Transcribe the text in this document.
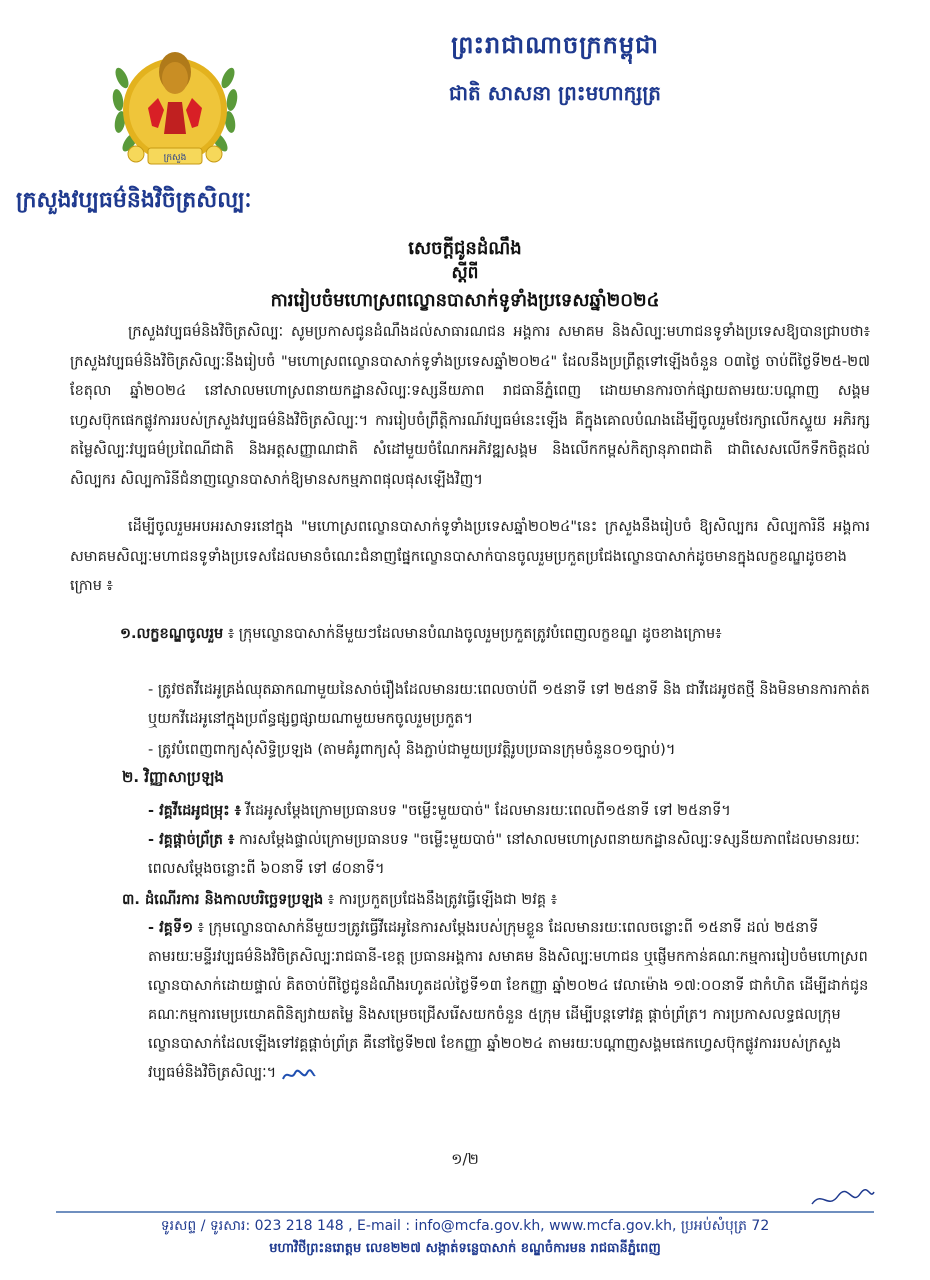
ព្រះរាជាណាចក្រកម្ពុជា
ជាតិ សាសនា ព្រះមហាក្សត្រ
ក្រសួង
ក្រសួងវប្បធម៌និងវិចិត្រសិល្បៈ
សេចក្តីជូនដំណឹង
ស្តីពី
ការរៀបចំមហោស្រពល្ខោនបាសាក់ទូទាំងប្រទេសឆ្នាំ២០២៤
ក្រសួងវប្បធម៌និងវិចិត្រសិល្បៈ សូមប្រកាសជូនដំណឹងដល់សាធារណជន អង្គការ សមាគម និងសិល្បៈមហាជនទូទាំងប្រទេសឱ្យបានជ្រាបថា៖ ក្រសួងវប្បធម៌និងវិចិត្រសិល្បៈនឹងរៀបចំ "មហោស្រពល្ខោនបាសាក់ទូទាំងប្រទេសឆ្នាំ២០២៤" ដែលនឹងប្រព្រឹត្តទៅឡើងចំនួន ០៣ថ្ងៃ ចាប់ពីថ្ងៃទី២៥-២៧ ខែតុលា ឆ្នាំ២០២៤ នៅសាលមហោស្រពនាយកដ្ឋានសិល្បៈទស្សនីយភាព រាជធានីភ្នំពេញ ដោយមានការចាក់ផ្សាយតាមរយៈបណ្តាញ សង្គមហ្វេសប៊ុកផេកផ្លូវការរបស់ក្រសួងវប្បធម៌និងវិចិត្រសិល្បៈ។ ការរៀបចំព្រឹត្តិការណ៍វប្បធម៌នេះឡើង គឺក្នុងគោលបំណងដើម្បីចូលរួមថែរក្សាលើកស្ទួយ អភិរក្សតម្លៃសិល្បៈវប្បធម៌ប្រពៃណីជាតិ និងអត្តសញ្ញាណជាតិ សំដៅមួយចំណែកអភិវឌ្ឍសង្គម និងលើកកម្ពស់កិត្យានុភាពជាតិ ជាពិសេសលើកទឹកចិត្តដល់សិល្បករ សិល្បការិនីជំនាញល្ខោនបាសាក់ឱ្យមានសកម្មភាពផុលផុសឡើងវិញ។
ដើម្បីចូលរួមអបអរសាទរនៅក្នុង "មហោស្រពល្ខោនបាសាក់ទូទាំងប្រទេសឆ្នាំ២០២៤"នេះ ក្រសួងនឹងរៀបចំ ឱ្យសិល្បករ សិល្បការិនី អង្គការ សមាគមសិល្បៈមហាជនទូទាំងប្រទេសដែលមានចំណេះជំនាញផ្នែកល្ខោនបាសាក់បានចូលរួមប្រកួតប្រជែងល្ខោនបាសាក់ដូចមានក្នុងលក្ខខណ្ឌដូចខាងក្រោម ៖
១.លក្ខខណ្ឌចូលរួម ៖ ក្រុមល្ខោនបាសាក់នីមួយៗដែលមានបំណងចូលរួមប្រកួតត្រូវបំពេញលក្ខខណ្ឌ ដូចខាងក្រោម៖
- ត្រូវថតវីដេអូគ្រង់ឈុតឆាកណាមួយនៃសាច់រឿងដែលមានរយៈពេលចាប់ពី ១៥នាទី ទៅ ២៥នាទី និង ជាវីដេអូថតថ្មី និងមិនមានការកាត់ត ឬយកវីដេអូនៅក្នុងប្រព័ន្ធផ្សព្វផ្សាយណាមួយមកចូលរួមប្រកួត។
- ត្រូវបំពេញពាក្យសុំសិទ្ធិប្រឡង (តាមគំរូពាក្យសុំ និងភ្ជាប់ជាមួយប្រវត្តិរូបប្រធានក្រុមចំនួន០១ច្បាប់)។
២. វិញ្ញាសាប្រឡង
- វគ្គវីដេអូជម្រុះ ៖ វីដេអូសម្តែងក្រោមប្រធានបទ "ចម្លើះមួយបាច់" ដែលមានរយៈពេលពី១៥នាទី ទៅ ២៥នាទី។
- វគ្គផ្តាច់ព្រ័ត្រ ៖ ការសម្តែងផ្ទាល់ក្រោមប្រធានបទ "ចម្លើះមួយបាច់" នៅសាលមហោស្រពនាយកដ្ឋានសិល្បៈទស្សនីយភាពដែលមានរយៈពេលសម្តែងចន្លោះពី ៦០នាទី ទៅ ៨០នាទី។
៣. ដំណើរការ និងកាលបរិច្ឆេទប្រឡង ៖ ការប្រកួតប្រជែងនឹងត្រូវធ្វើឡើងជា ២វគ្គ ៖
- វគ្គទី១ ៖ ក្រុមល្ខោនបាសាក់នីមួយៗត្រូវធ្វើវីដេអូនៃការសម្តែងរបស់ក្រុមខ្លួន ដែលមានរយៈពេលចន្លោះពី ១៥នាទី ដល់ ២៥នាទី តាមរយៈមន្ទីរវប្បធម៌និងវិចិត្រសិល្បៈរាជធានី-ខេត្ត ប្រធានអង្គការ សមាគម និងសិល្បៈមហាជន ឬផ្ញើមកកាន់គណៈកម្មការរៀបចំមហោស្រពល្ខោនបាសាក់ដោយផ្ទាល់ គិតចាប់ពីថ្ងៃជូនដំណឹងរហូតដល់ថ្ងៃទី១៣ ខែកញ្ញា ឆ្នាំ២០២៤ វេលាម៉ោង ១៧:០០នាទី ជាកំហិត ដើម្បីដាក់ជូនគណៈកម្មការមេប្រយោគពិនិត្យវាយតម្លៃ និងសម្រេចជ្រើសរើសយកចំនួន ៥ក្រុម ដើម្បីបន្តទៅវគ្គ ផ្តាច់ព្រ័ត្រ។ ការប្រកាសលទ្ធផលក្រុមល្ខោនបាសាក់ដែលឡើងទៅវគ្គផ្តាច់ព្រ័ត្រ គឺនៅថ្ងៃទី២៧ ខែកញ្ញា ឆ្នាំ២០២៤ តាមរយៈបណ្តាញសង្គមផេកហ្វេសប៊ុកផ្លូវការរបស់ក្រសួងវប្បធម៌និងវិចិត្រសិល្បៈ។
១/២
ទូរសព្ទ / ទូរសារ: 023 218 148 , E-mail : info@mcfa.gov.kh, www.mcfa.gov.kh, ប្រអប់សំបុត្រ 72
មហាវិថីព្រះនរោត្តម លេខ២២៧ សង្កាត់ទន្លេបាសាក់ ខណ្ឌចំការមន រាជធានីភ្នំពេញ
